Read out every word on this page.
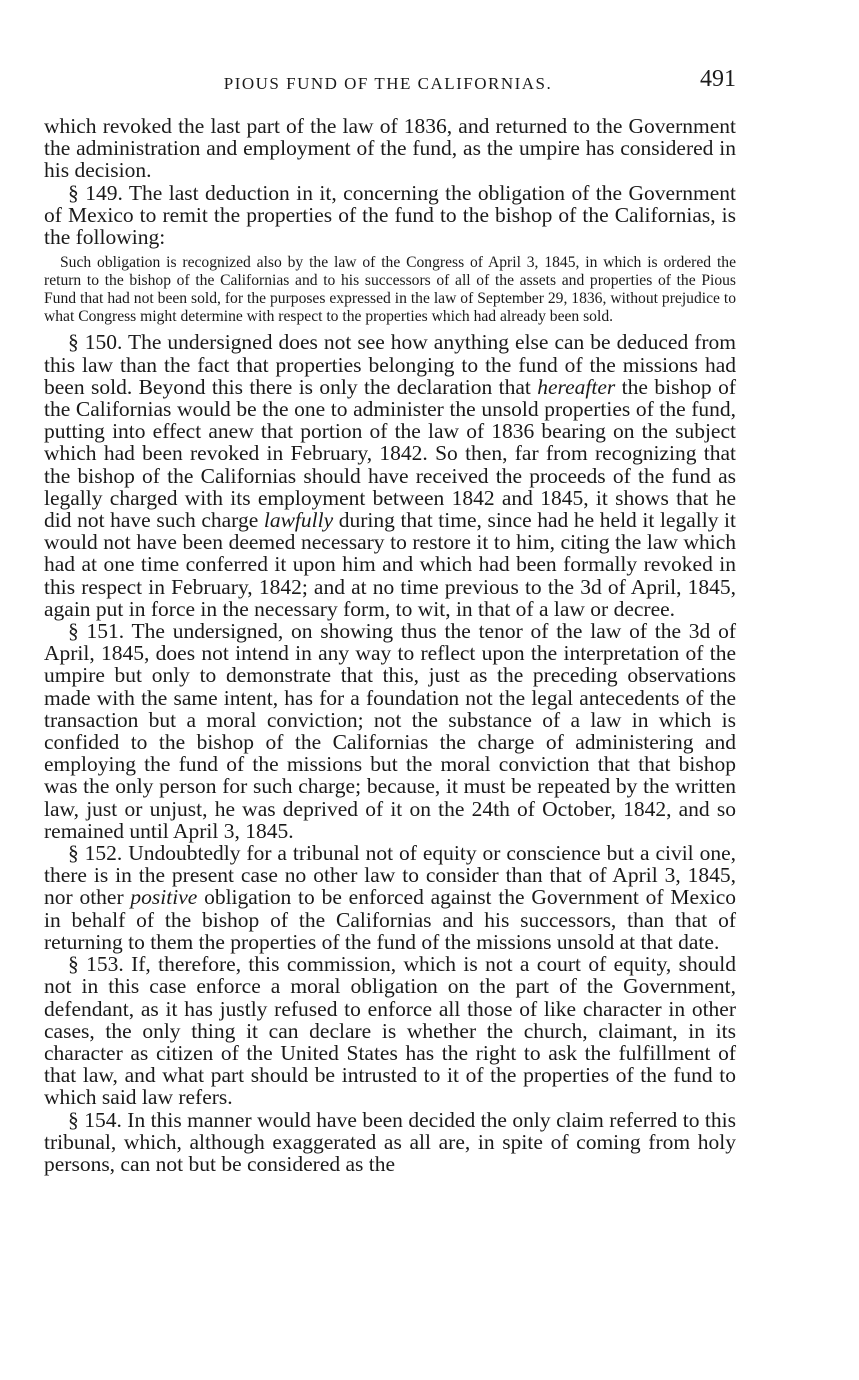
PIOUS FUND OF THE CALIFORNIAS.	491

which revoked the last part of the law of 1836, and returned to the Government the administration and employment of the fund, as the umpire has considered in his decision.

§ 149. The last deduction in it, concerning the obligation of the Government of Mexico to remit the properties of the fund to the bishop of the Californias, is the following:

Such obligation is recognized also by the law of the Congress of April 3, 1845, in which is ordered the return to the bishop of the Californias and to his successors of all of the assets and properties of the Pious Fund that had not been sold, for the purposes expressed in the law of September 29, 1836, without prejudice to what Congress might determine with respect to the properties which had already been sold.

§ 150. The undersigned does not see how anything else can be deduced from this law than the fact that properties belonging to the fund of the missions had been sold. Beyond this there is only the declaration that hereafter the bishop of the Californias would be the one to administer the unsold properties of the fund, putting into effect anew that portion of the law of 1836 bearing on the subject which had been revoked in February, 1842. So then, far from recognizing that the bishop of the Californias should have received the proceeds of the fund as legally charged with its employment between 1842 and 1845, it shows that he did not have such charge lawfully during that time, since had he held it legally it would not have been deemed necessary to restore it to him, citing the law which had at one time conferred it upon him and which had been formally revoked in this respect in February, 1842; and at no time previous to the 3d of April, 1845, again put in force in the necessary form, to wit, in that of a law or decree.

§ 151. The undersigned, on showing thus the tenor of the law of the 3d of April, 1845, does not intend in any way to reflect upon the interpretation of the umpire but only to demonstrate that this, just as the preceding observations made with the same intent, has for a foundation not the legal antecedents of the transaction but a moral conviction; not the substance of a law in which is confided to the bishop of the Californias the charge of administering and employing the fund of the missions but the moral conviction that that bishop was the only person for such charge; because, it must be repeated by the written law, just or unjust, he was deprived of it on the 24th of October, 1842, and so remained until April 3, 1845.

§ 152. Undoubtedly for a tribunal not of equity or conscience but a civil one, there is in the present case no other law to consider than that of April 3, 1845, nor other positive obligation to be enforced against the Government of Mexico in behalf of the bishop of the Californias and his successors, than that of returning to them the properties of the fund of the missions unsold at that date.

§ 153. If, therefore, this commission, which is not a court of equity, should not in this case enforce a moral obligation on the part of the Government, defendant, as it has justly refused to enforce all those of like character in other cases, the only thing it can declare is whether the church, claimant, in its character as citizen of the United States has the right to ask the fulfillment of that law, and what part should be intrusted to it of the properties of the fund to which said law refers.

§ 154. In this manner would have been decided the only claim referred to this tribunal, which, although exaggerated as all are, in spite of coming from holy persons, can not but be considered as the
